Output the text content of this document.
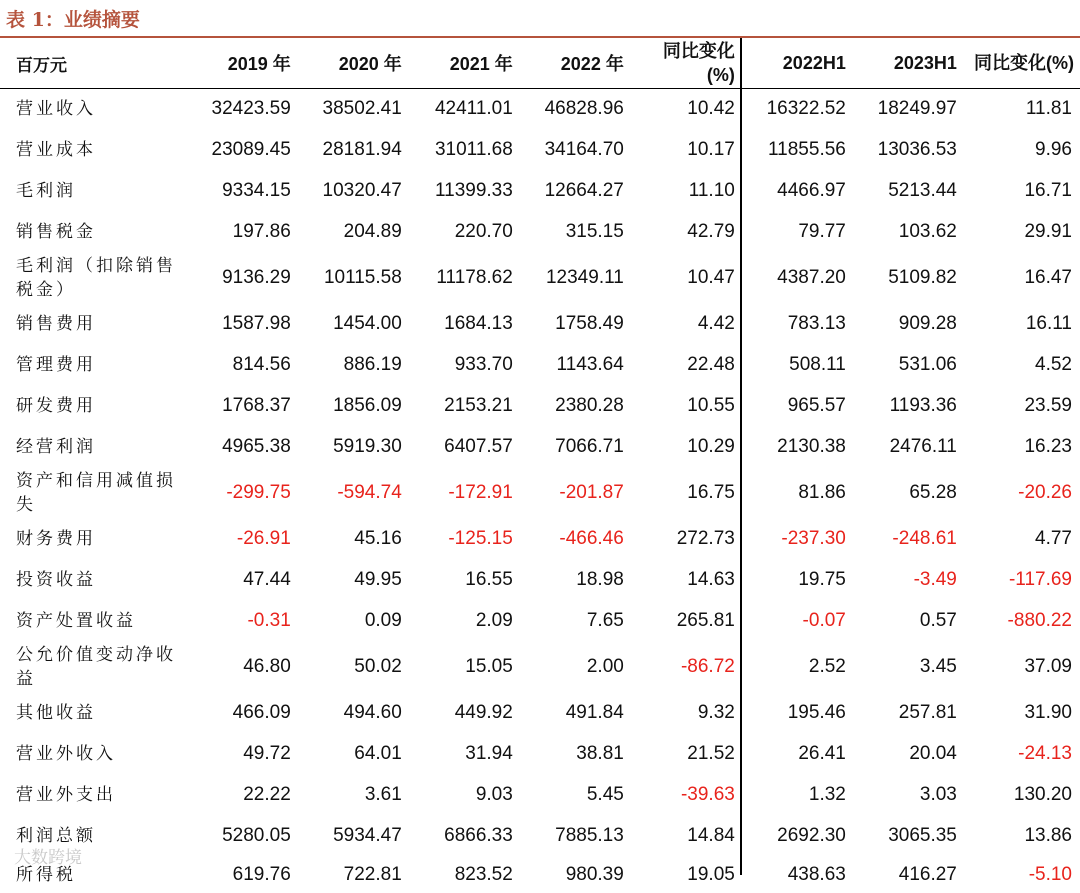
表 1：业绩摘要
百万元	2019 年	2020 年	2021 年	2022 年	同比变化(%)	2022H1	2023H1	同比变化(%)
营业收入	32423.59	38502.41	42411.01	46828.96	10.42	16322.52	18249.97	11.81
营业成本	23089.45	28181.94	31011.68	34164.70	10.17	11855.56	13036.53	9.96
毛利润	9334.15	10320.47	11399.33	12664.27	11.10	4466.97	5213.44	16.71
销售税金	197.86	204.89	220.70	315.15	42.79	79.77	103.62	29.91
毛利润（扣除销售税金）	9136.29	10115.58	11178.62	12349.11	10.47	4387.20	5109.82	16.47
销售费用	1587.98	1454.00	1684.13	1758.49	4.42	783.13	909.28	16.11
管理费用	814.56	886.19	933.70	1143.64	22.48	508.11	531.06	4.52
研发费用	1768.37	1856.09	2153.21	2380.28	10.55	965.57	1193.36	23.59
经营利润	4965.38	5919.30	6407.57	7066.71	10.29	2130.38	2476.11	16.23
资产和信用减值损失	-299.75	-594.74	-172.91	-201.87	16.75	81.86	65.28	-20.26
财务费用	-26.91	45.16	-125.15	-466.46	272.73	-237.30	-248.61	4.77
投资收益	47.44	49.95	16.55	18.98	14.63	19.75	-3.49	-117.69
资产处置收益	-0.31	0.09	2.09	7.65	265.81	-0.07	0.57	-880.22
公允价值变动净收益	46.80	50.02	15.05	2.00	-86.72	2.52	3.45	37.09
其他收益	466.09	494.60	449.92	491.84	9.32	195.46	257.81	31.90
营业外收入	49.72	64.01	31.94	38.81	21.52	26.41	20.04	-24.13
营业外支出	22.22	3.61	9.03	5.45	-39.63	1.32	3.03	130.20
利润总额	5280.05	5934.47	6866.33	7885.13	14.84	2692.30	3065.35	13.86
所得税	619.76	722.81	823.52	980.39	19.05	438.63	416.27	-5.10
大数跨境
